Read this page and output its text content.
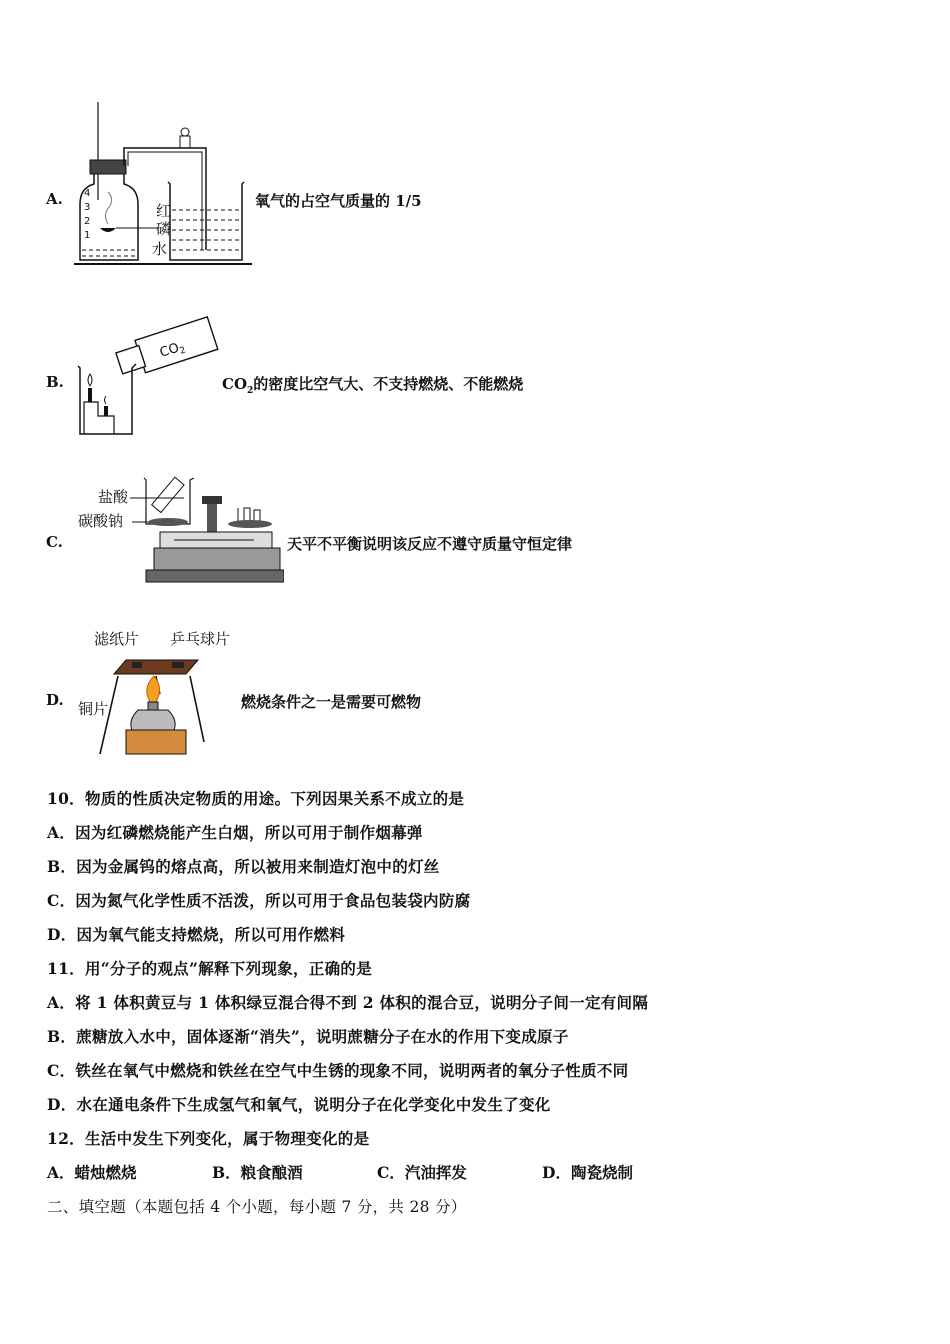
A. 4
3
2
1
红
磷
水
氧气的占空气质量的 1/5
B.
$CO_2$
$CO_2$的密度比空气大、不支持燃烧、不能燃烧
C.
盐酸
碳酸钠
天平不平衡说明该反应不遵守质量守恒定律
D.
滤纸片 乒乓球片
铜片	燃烧条件之一是需要可燃物
10．物质的性质决定物质的用途。下列因果关系不成立的是
A．因为红磷燃烧能产生白烟，所以可用于制作烟幕弹
B．因为金属钨的熔点高，所以被用来制造灯泡中的灯丝
C．因为氮气化学性质不活泼，所以可用于食品包装袋内防腐
D．因为氧气能支持燃烧，所以可用作燃料
11．用“分子的观点”解释下列现象，正确的是
A．将 1 体积黄豆与 1 体积绿豆混合得不到 2 体积的混合豆，说明分子间一定有间隔
B．蔗糖放入水中，固体逐渐“消失”，说明蔗糖分子在水的作用下变成原子
C．铁丝在氧气中燃烧和铁丝在空气中生锈的现象不同，说明两者的氧分子性质不同
D．水在通电条件下生成氢气和氧气，说明分子在化学变化中发生了变化
12．生活中发生下列变化，属于物理变化的是
A．蜡烛燃烧	B．粮食酿酒	C．汽油挥发	D．陶瓷烧制
二、填空题（本题包括 4 个小题，每小题 7 分，共 28 分）
